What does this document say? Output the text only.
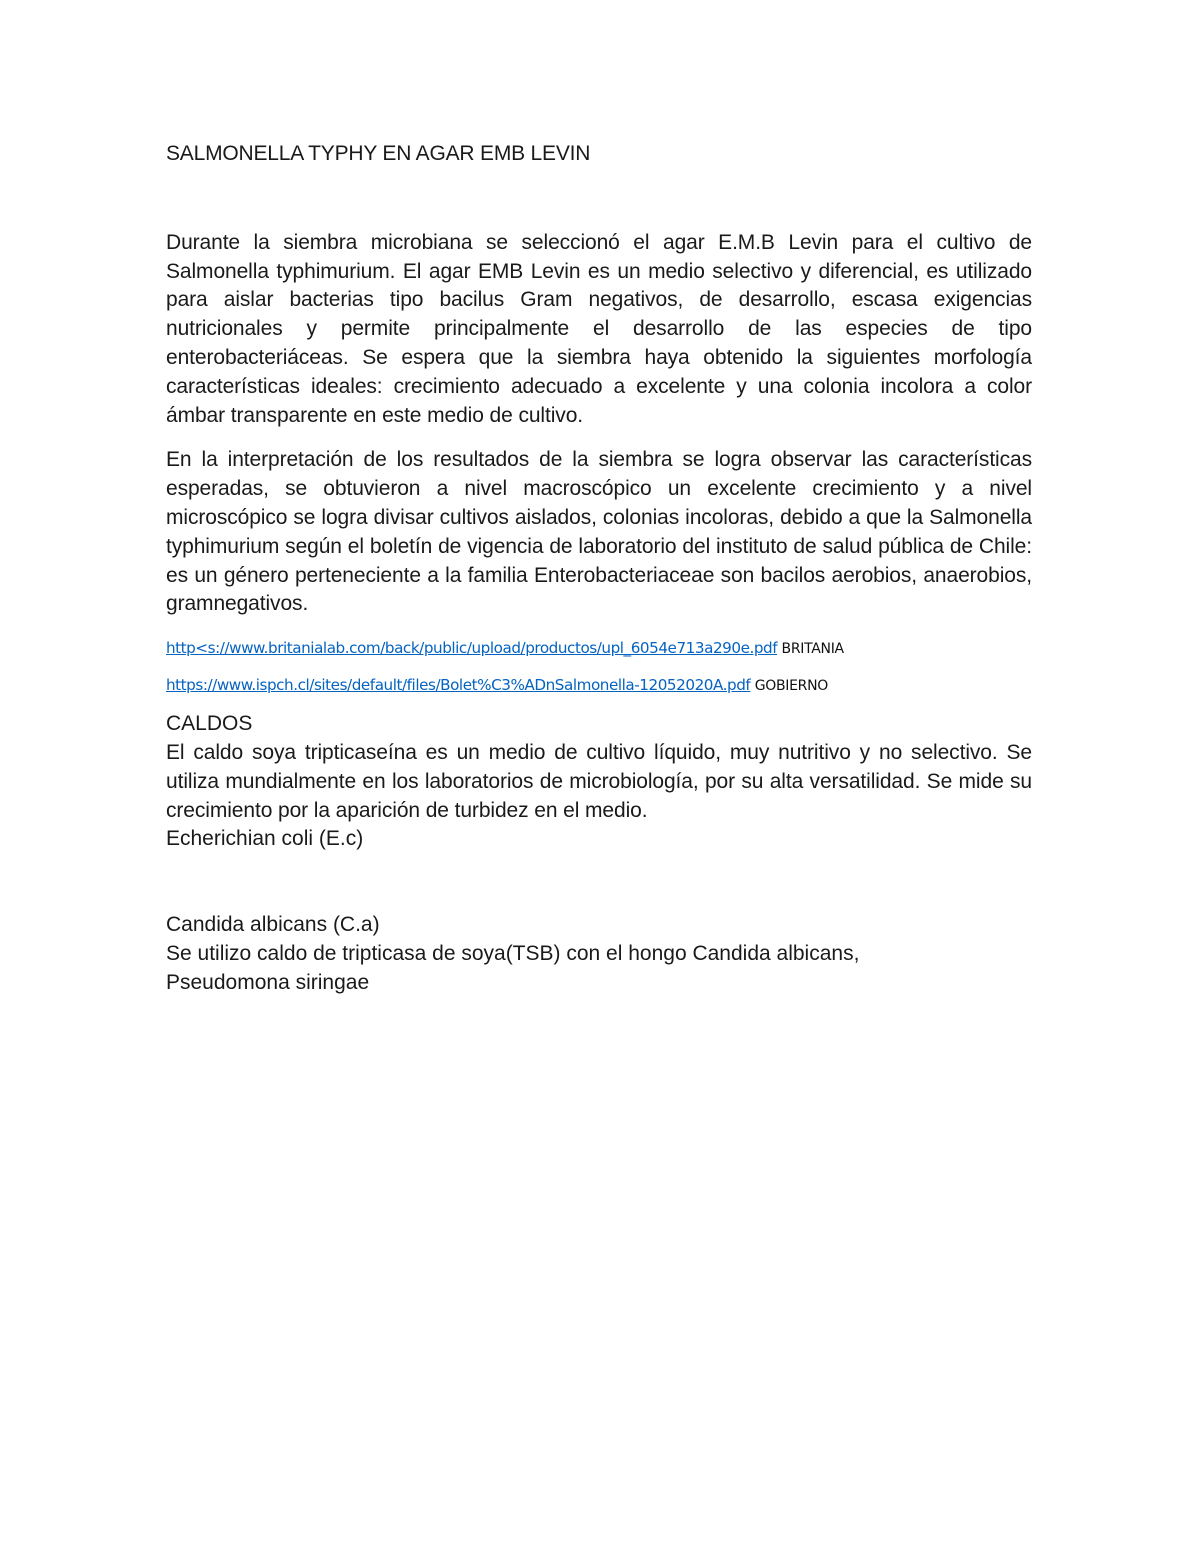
SALMONELLA TYPHY EN AGAR EMB LEVIN

Durante la siembra microbiana se seleccionó el agar E.M.B Levin para el cultivo de Salmonella typhimurium. El agar EMB Levin es un medio selectivo y diferencial, es utilizado para aislar bacterias tipo bacilus Gram negativos, de desarrollo, escasa exigencias nutricionales y permite principalmente el desarrollo de las especies de tipo enterobacteriáceas. Se espera que la siembra haya obtenido la siguientes morfología características ideales: crecimiento adecuado a excelente y una colonia incolora a color ámbar transparente en este medio de cultivo.

En la interpretación de los resultados de la siembra se logra observar las características esperadas, se obtuvieron a nivel macroscópico un excelente crecimiento y a nivel microscópico se logra divisar cultivos aislados, colonias incoloras, debido a que la Salmonella typhimurium según el boletín de vigencia de laboratorio del instituto de salud pública de Chile: es un género perteneciente a la familia Enterobacteriaceae son bacilos aerobios, anaerobios, gramnegativos.

http<s://www.britanialab.com/back/public/upload/productos/upl_6054e713a290e.pdf BRITANIA

https://www.ispch.cl/sites/default/files/Bolet%C3%ADnSalmonella-12052020A.pdf GOBIERNO

CALDOS

El caldo soya tripticaseína es un medio de cultivo líquido, muy nutritivo y no selectivo. Se utiliza mundialmente en los laboratorios de microbiología, por su alta versatilidad. Se mide su crecimiento por la aparición de turbidez en el medio.

Echerichian coli (E.c)

Candida albicans (C.a)

Se utilizo caldo de tripticasa de soya(TSB) con el hongo Candida albicans,

Pseudomona siringae
